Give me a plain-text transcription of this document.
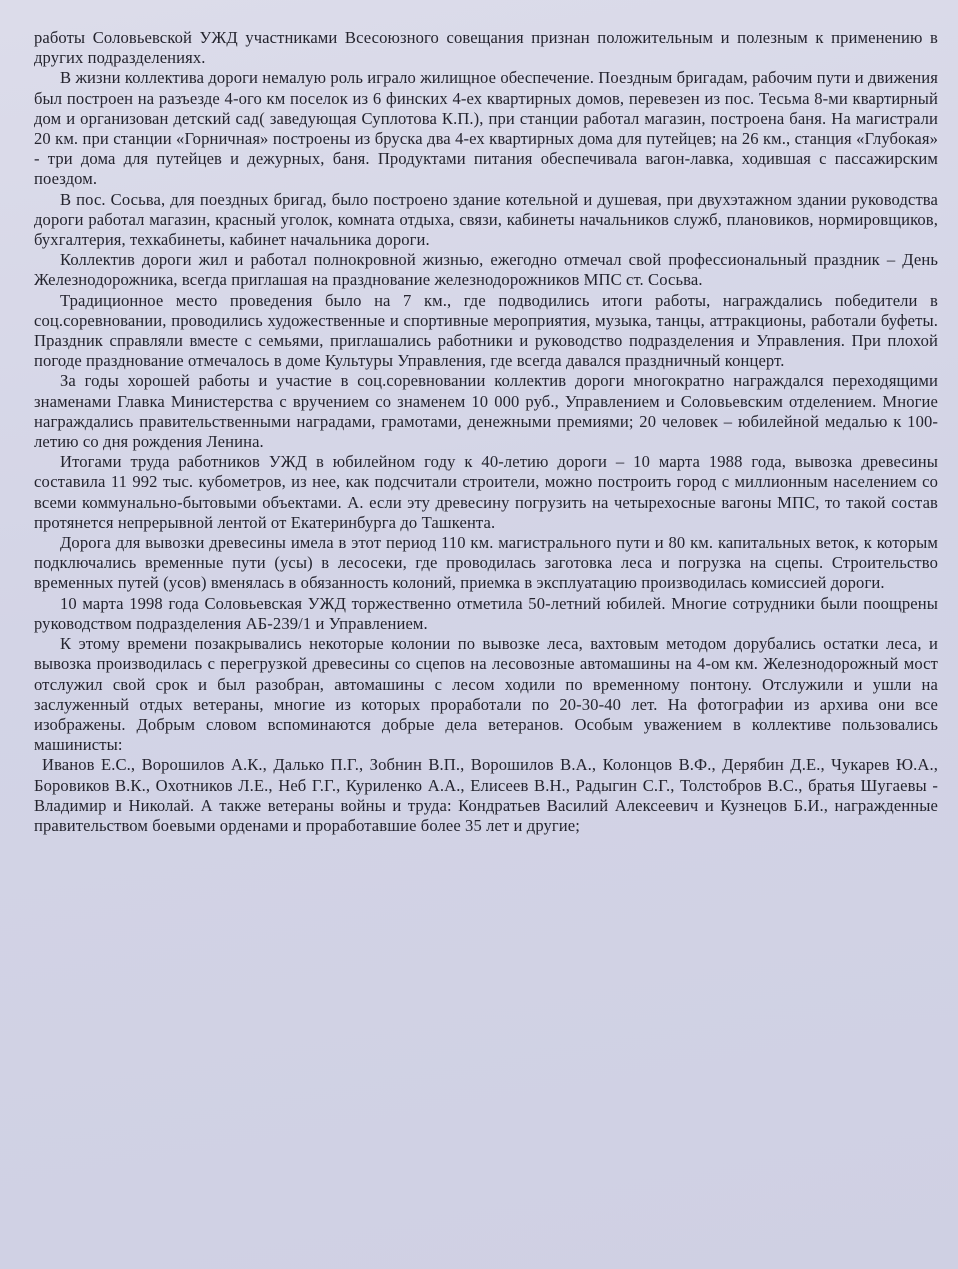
работы Соловьевской УЖД участниками Всесоюзного совещания признан положительным и полезным к применению в других подразделениях.

В жизни коллектива дороги немалую роль играло жилищное обеспечение. Поездным бригадам, рабочим пути и движения был построен на разъезде 4-ого км поселок из 6 финских 4-ех квартирных домов, перевезен из пос. Тесьма 8-ми квартирный дом и организован детский сад( заведующая Суплотова К.П.), при станции работал магазин, построена баня. На магистрали 20 км. при станции «Горничная» построены из бруска два 4-ех квартирных дома для путейцев; на 26 км., станция «Глубокая» - три дома для путейцев и дежурных, баня. Продуктами питания обеспечивала вагон-лавка, ходившая с пассажирским поездом.

В пос. Сосьва, для поездных бригад, было построено здание котельной и душевая, при двухэтажном здании руководства дороги работал магазин, красный уголок, комната отдыха, связи, кабинеты начальников служб, плановиков, нормировщиков, бухгалтерия, техкабинеты, кабинет начальника дороги.

Коллектив дороги жил и работал полнокровной жизнью, ежегодно отмечал свой профессиональный праздник – День Железнодорожника, всегда приглашая на празднование железнодорожников МПС ст. Сосьва.

Традиционное место проведения было на 7 км., где подводились итоги работы, награждались победители в соц.соревновании, проводились художественные и спортивные мероприятия, музыка, танцы, аттракционы, работали буфеты. Праздник справляли вместе с семьями, приглашались работники и руководство подразделения и Управления. При плохой погоде празднование отмечалось в доме Культуры Управления, где всегда давался праздничный концерт.

За годы хорошей работы и участие в соц.соревновании коллектив дороги многократно награждался переходящими знаменами Главка Министерства с вручением со знаменем 10 000 руб., Управлением и Соловьевским отделением. Многие награждались правительственными наградами, грамотами, денежными премиями; 20 человек – юбилейной медалью к 100-летию со дня рождения Ленина.

Итогами труда работников УЖД в юбилейном году к 40-летию дороги – 10 марта 1988 года, вывозка древесины составила 11 992 тыс. кубометров, из нее, как подсчитали строители, можно построить город с миллионным населением со всеми коммунально-бытовыми объектами. А. если эту древесину погрузить на четырехосные вагоны МПС, то такой состав протянется непрерывной лентой от Екатеринбурга до Ташкента.

Дорога для вывозки древесины имела в этот период 110 км. магистрального пути и 80 км. капитальных веток, к которым подключались временные пути (усы) в лесосеки, где проводилась заготовка леса и погрузка на сцепы. Строительство временных путей (усов) вменялась в обязанность колоний, приемка в эксплуатацию производилась комиссией дороги.

10 марта 1998 года Соловьевская УЖД торжественно отметила 50-летний юбилей. Многие сотрудники были поощрены руководством подразделения АБ-239/1 и Управлением.

К этому времени позакрывались некоторые колонии по вывозке леса, вахтовым методом дорубались остатки леса, и вывозка производилась с перегрузкой древесины со сцепов на лесовозные автомашины на 4-ом км. Железнодорожный мост отслужил свой срок и был разобран, автомашины с лесом ходили по временному понтону. Отслужили и ушли на заслуженный отдых ветераны, многие из которых проработали по 20-30-40 лет. На фотографии из архива они все изображены. Добрым словом вспоминаются добрые дела ветеранов. Особым уважением в коллективе пользовались машинисты:

Иванов Е.С., Ворошилов А.К., Далько П.Г., Зобнин В.П., Ворошилов В.А., Колонцов В.Ф., Дерябин Д.Е., Чукарев Ю.А., Боровиков В.К., Охотников Л.Е., Неб Г.Г., Куриленко А.А., Елисеев В.Н., Радыгин С.Г., Толстобров В.С., братья Шугаевы - Владимир и Николай. А также ветераны войны и труда: Кондратьев Василий Алексеевич и Кузнецов Б.И., награжденные правительством боевыми орденами и проработавшие более 35 лет и другие;
